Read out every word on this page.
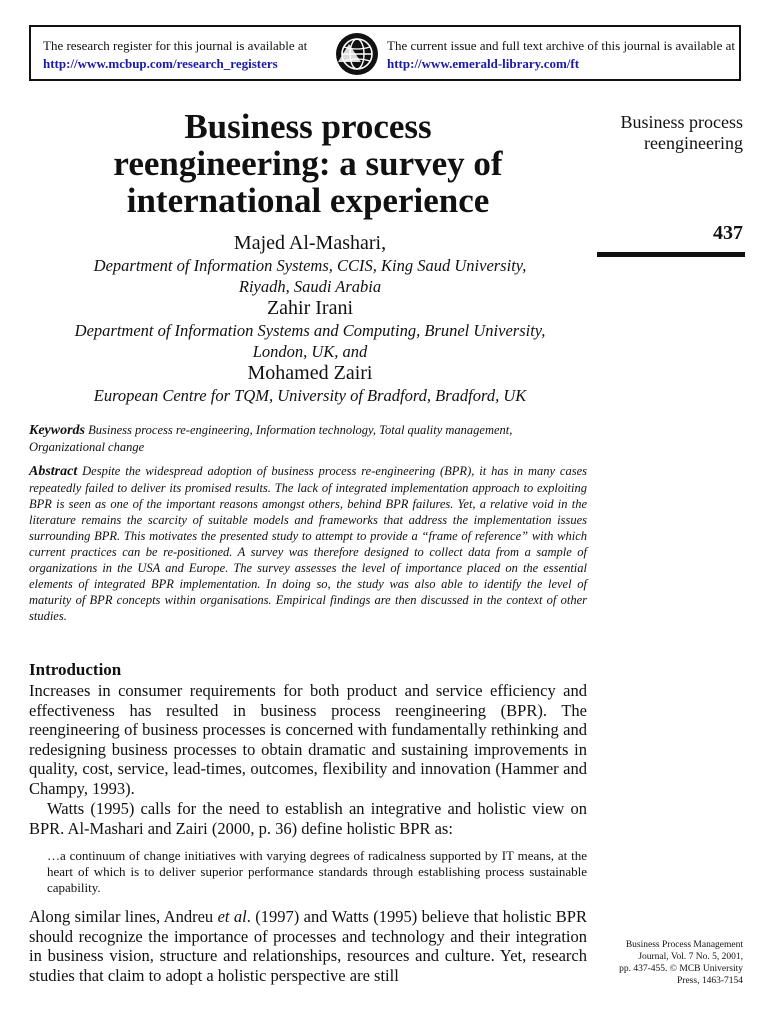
The research register for this journal is available at
http://www.mcbup.com/research_registers
The current issue and full text archive of this journal is available at
http://www.emerald-library.com/ft
Business process
reengineering: a survey of
international experience
Majed Al-Mashari,
Department of Information Systems, CCIS, King Saud University,
Riyadh, Saudi Arabia
Zahir Irani
Department of Information Systems and Computing, Brunel University,
London, UK, and
Mohamed Zairi
European Centre for TQM, University of Bradford, Bradford, UK
Business process
reengineering
437
Keywords Business process re-engineering, Information technology, Total quality management, Organizational change
Abstract Despite the widespread adoption of business process re-engineering (BPR), it has in many cases repeatedly failed to deliver its promised results. The lack of integrated implementation approach to exploiting BPR is seen as one of the important reasons amongst others, behind BPR failures. Yet, a relative void in the literature remains the scarcity of suitable models and frameworks that address the implementation issues surrounding BPR. This motivates the presented study to attempt to provide a “frame of reference” with which current practices can be re-positioned. A survey was therefore designed to collect data from a sample of organizations in the USA and Europe. The survey assesses the level of importance placed on the essential elements of integrated BPR implementation. In doing so, the study was also able to identify the level of maturity of BPR concepts within organisations. Empirical findings are then discussed in the context of other studies.
Introduction

Increases in consumer requirements for both product and service efficiency and effectiveness has resulted in business process reengineering (BPR). The reengineering of business processes is concerned with fundamentally rethinking and redesigning business processes to obtain dramatic and sustaining improvements in quality, cost, service, lead-times, outcomes, flexibility and innovation (Hammer and Champy, 1993).

Watts (1995) calls for the need to establish an integrative and holistic view on BPR. Al-Mashari and Zairi (2000, p. 36) define holistic BPR as:

…a continuum of change initiatives with varying degrees of radicalness supported by IT means, at the heart of which is to deliver superior performance standards through establishing process sustainable capability.

Along similar lines, Andreu et al. (1997) and Watts (1995) believe that holistic BPR should recognize the importance of processes and technology and their integration in business vision, structure and relationships, resources and culture. Yet, research studies that claim to adopt a holistic perspective are still

Business Process Management
Journal, Vol. 7 No. 5, 2001,
pp. 437-455. © MCB University
Press, 1463-7154
